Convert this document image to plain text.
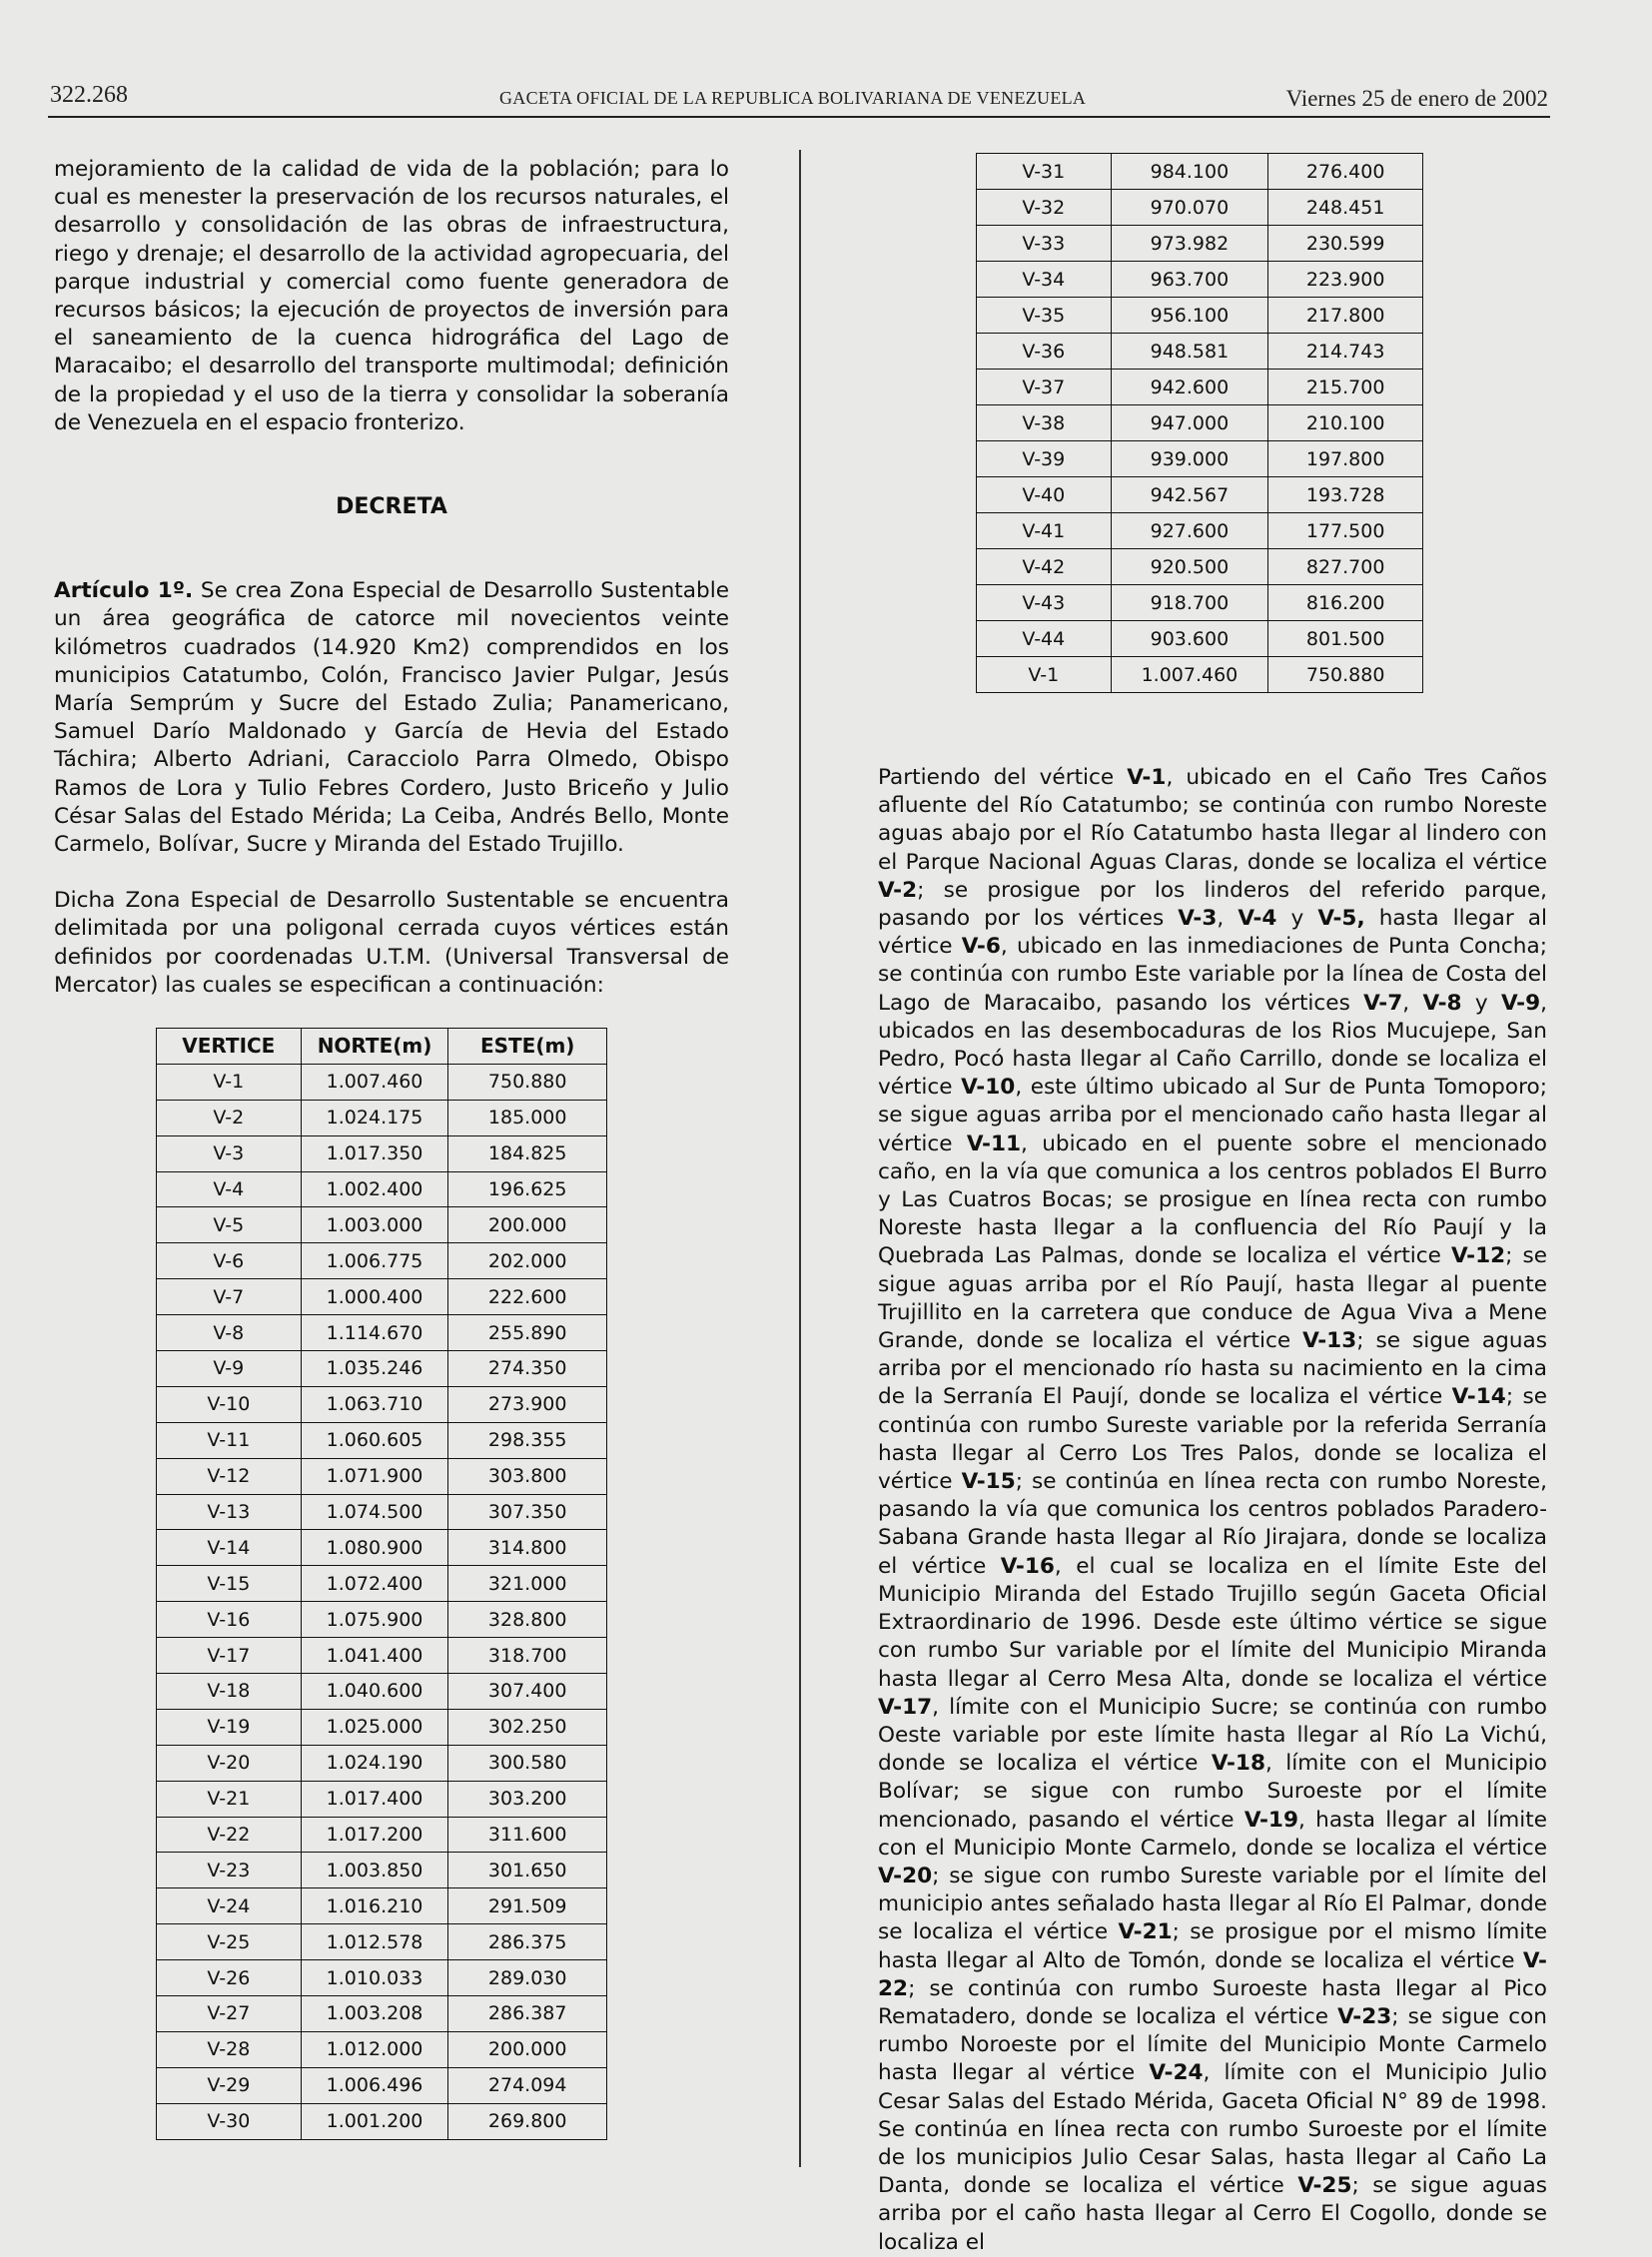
322.268	GACETA OFICIAL DE LA REPUBLICA BOLIVARIANA DE VENEZUELA	Viernes 25 de enero de 2002

mejoramiento de la calidad de vida de la población; para lo cual es menester la preservación de los recursos naturales, el desarrollo y consolidación de las obras de infraestructura, riego y drenaje; el desarrollo de la actividad agropecuaria, del parque industrial y comercial como fuente generadora de recursos básicos; la ejecución de proyectos de inversión para el saneamiento de la cuenca hidrográfica del Lago de Maracaibo; el desarrollo del transporte multimodal; definición de la propiedad y el uso de la tierra y consolidar la soberanía de Venezuela en el espacio fronterizo.

DECRETA

Artículo 1º. Se crea Zona Especial de Desarrollo Sustentable un área geográfica de catorce mil novecientos veinte kilómetros cuadrados (14.920 Km2) comprendidos en los municipios Catatumbo, Colón, Francisco Javier Pulgar, Jesús María Semprúm y Sucre del Estado Zulia; Panamericano, Samuel Darío Maldonado y García de Hevia del Estado Táchira; Alberto Adriani, Caracciolo Parra Olmedo, Obispo Ramos de Lora y Tulio Febres Cordero, Justo Briceño y Julio César Salas del Estado Mérida; La Ceiba, Andrés Bello, Monte Carmelo, Bolívar, Sucre y Miranda del Estado Trujillo.

Dicha Zona Especial de Desarrollo Sustentable se encuentra delimitada por una poligonal cerrada cuyos vértices están definidos por coordenadas U.T.M. (Universal Transversal de Mercator) las cuales se especifican a continuación:

VERTICE	NORTE(m)	ESTE(m)
V-1	1.007.460	750.880
V-2	1.024.175	185.000
V-3	1.017.350	184.825
V-4	1.002.400	196.625
V-5	1.003.000	200.000
V-6	1.006.775	202.000
V-7	1.000.400	222.600
V-8	1.114.670	255.890
V-9	1.035.246	274.350
V-10	1.063.710	273.900
V-11	1.060.605	298.355
V-12	1.071.900	303.800
V-13	1.074.500	307.350
V-14	1.080.900	314.800
V-15	1.072.400	321.000
V-16	1.075.900	328.800
V-17	1.041.400	318.700
V-18	1.040.600	307.400
V-19	1.025.000	302.250
V-20	1.024.190	300.580
V-21	1.017.400	303.200
V-22	1.017.200	311.600
V-23	1.003.850	301.650
V-24	1.016.210	291.509
V-25	1.012.578	286.375
V-26	1.010.033	289.030
V-27	1.003.208	286.387
V-28	1.012.000	200.000
V-29	1.006.496	274.094
V-30	1.001.200	269.800
V-31	984.100	276.400
V-32	970.070	248.451
V-33	973.982	230.599
V-34	963.700	223.900
V-35	956.100	217.800
V-36	948.581	214.743
V-37	942.600	215.700
V-38	947.000	210.100
V-39	939.000	197.800
V-40	942.567	193.728
V-41	927.600	177.500
V-42	920.500	827.700
V-43	918.700	816.200
V-44	903.600	801.500
V-1	1.007.460	750.880

Partiendo del vértice V-1, ubicado en el Caño Tres Caños afluente del Río Catatumbo; se continúa con rumbo Noreste aguas abajo por el Río Catatumbo hasta llegar al lindero con el Parque Nacional Aguas Claras, donde se localiza el vértice V-2; se prosigue por los linderos del referido parque, pasando por los vértices V-3, V-4 y V-5, hasta llegar al vértice V-6, ubicado en las inmediaciones de Punta Concha; se continúa con rumbo Este variable por la línea de Costa del Lago de Maracaibo, pasando los vértices V-7, V-8 y V-9, ubicados en las desembocaduras de los Rios Mucujepe, San Pedro, Pocó hasta llegar al Caño Carrillo, donde se localiza el vértice V-10, este último ubicado al Sur de Punta Tomoporo; se sigue aguas arriba por el mencionado caño hasta llegar al vértice V-11, ubicado en el puente sobre el mencionado caño, en la vía que comunica a los centros poblados El Burro y Las Cuatros Bocas; se prosigue en línea recta con rumbo Noreste hasta llegar a la confluencia del Río Paují y la Quebrada Las Palmas, donde se localiza el vértice V-12; se sigue aguas arriba por el Río Paují, hasta llegar al puente Trujillito en la carretera que conduce de Agua Viva a Mene Grande, donde se localiza el vértice V-13; se sigue aguas arriba por el mencionado río hasta su nacimiento en la cima de la Serranía El Paují, donde se localiza el vértice V-14; se continúa con rumbo Sureste variable por la referida Serranía hasta llegar al Cerro Los Tres Palos, donde se localiza el vértice V-15; se continúa en línea recta con rumbo Noreste, pasando la vía que comunica los centros poblados Paradero-Sabana Grande hasta llegar al Río Jirajara, donde se localiza el vértice V-16, el cual se localiza en el límite Este del Municipio Miranda del Estado Trujillo según Gaceta Oficial Extraordinario de 1996. Desde este último vértice se sigue con rumbo Sur variable por el límite del Municipio Miranda hasta llegar al Cerro Mesa Alta, donde se localiza el vértice V-17, límite con el Municipio Sucre; se continúa con rumbo Oeste variable por este límite hasta llegar al Río La Vichú, donde se localiza el vértice V-18, límite con el Municipio Bolívar; se sigue con rumbo Suroeste por el límite mencionado, pasando el vértice V-19, hasta llegar al límite con el Municipio Monte Carmelo, donde se localiza el vértice V-20; se sigue con rumbo Sureste variable por el límite del municipio antes señalado hasta llegar al Río El Palmar, donde se localiza el vértice V-21; se prosigue por el mismo límite hasta llegar al Alto de Tomón, donde se localiza el vértice V-22; se continúa con rumbo Suroeste hasta llegar al Pico Rematadero, donde se localiza el vértice V-23; se sigue con rumbo Noroeste por el límite del Municipio Monte Carmelo hasta llegar al vértice V-24, límite con el Municipio Julio Cesar Salas del Estado Mérida, Gaceta Oficial N° 89 de 1998. Se continúa en línea recta con rumbo Suroeste por el límite de los municipios Julio Cesar Salas, hasta llegar al Caño La Danta, donde se localiza el vértice V-25; se sigue aguas arriba por el caño hasta llegar al Cerro El Cogollo, donde se localiza el
